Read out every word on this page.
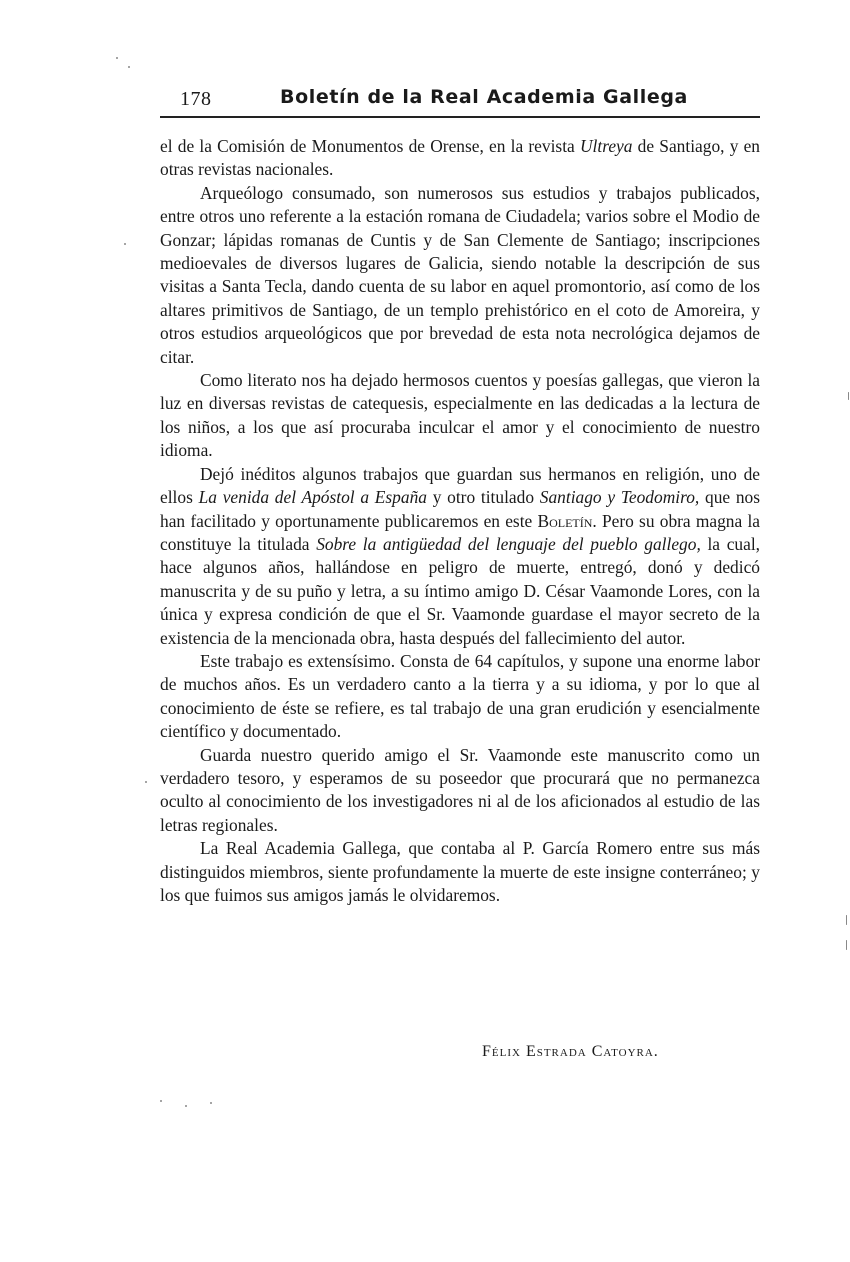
178	Boletín de la Real Academia Gallega

el de la Comisión de Monumentos de Orense, en la revista Ultreya de Santiago, y en otras revistas nacionales.

Arqueólogo consumado, son numerosos sus estudios y trabajos publicados, entre otros uno referente a la estación romana de Ciudadela; varios sobre el Modio de Gonzar; lápidas romanas de Cuntis y de San Clemente de Santiago; inscripciones medioevales de diversos lugares de Galicia, siendo notable la descripción de sus visitas a Santa Tecla, dando cuenta de su labor en aquel promontorio, así como de los altares primitivos de Santiago, de un templo prehistórico en el coto de Amoreira, y otros estudios arqueológicos que por brevedad de esta nota necrológica dejamos de citar.

Como literato nos ha dejado hermosos cuentos y poesías gallegas, que vieron la luz en diversas revistas de catequesis, especialmente en las dedicadas a la lectura de los niños, a los que así procuraba inculcar el amor y el conocimiento de nuestro idioma.

Dejó inéditos algunos trabajos que guardan sus hermanos en religión, uno de ellos La venida del Apóstol a España y otro titulado Santiago y Teodomiro, que nos han facilitado y oportunamente publicaremos en este Boletín. Pero su obra magna la constituye la titulada Sobre la antigüedad del lenguaje del pueblo gallego, la cual, hace algunos años, hallándose en peligro de muerte, entregó, donó y dedicó manuscrita y de su puño y letra, a su íntimo amigo D. César Vaamonde Lores, con la única y expresa condición de que el Sr. Vaamonde guardase el mayor secreto de la existencia de la mencionada obra, hasta después del fallecimiento del autor.

Este trabajo es extensísimo. Consta de 64 capítulos, y supone una enorme labor de muchos años. Es un verdadero canto a la tierra y a su idioma, y por lo que al conocimiento de éste se refiere, es tal trabajo de una gran erudición y esencialmente científico y documentado.

Guarda nuestro querido amigo el Sr. Vaamonde este manuscrito como un verdadero tesoro, y esperamos de su poseedor que procurará que no permanezca oculto al conocimiento de los investigadores ni al de los aficionados al estudio de las letras regionales.

La Real Academia Gallega, que contaba al P. García Romero entre sus más distinguidos miembros, siente profundamente la muerte de este insigne conterráneo; y los que fuimos sus amigos jamás le olvidaremos.

Félix Estrada Catoyra.
